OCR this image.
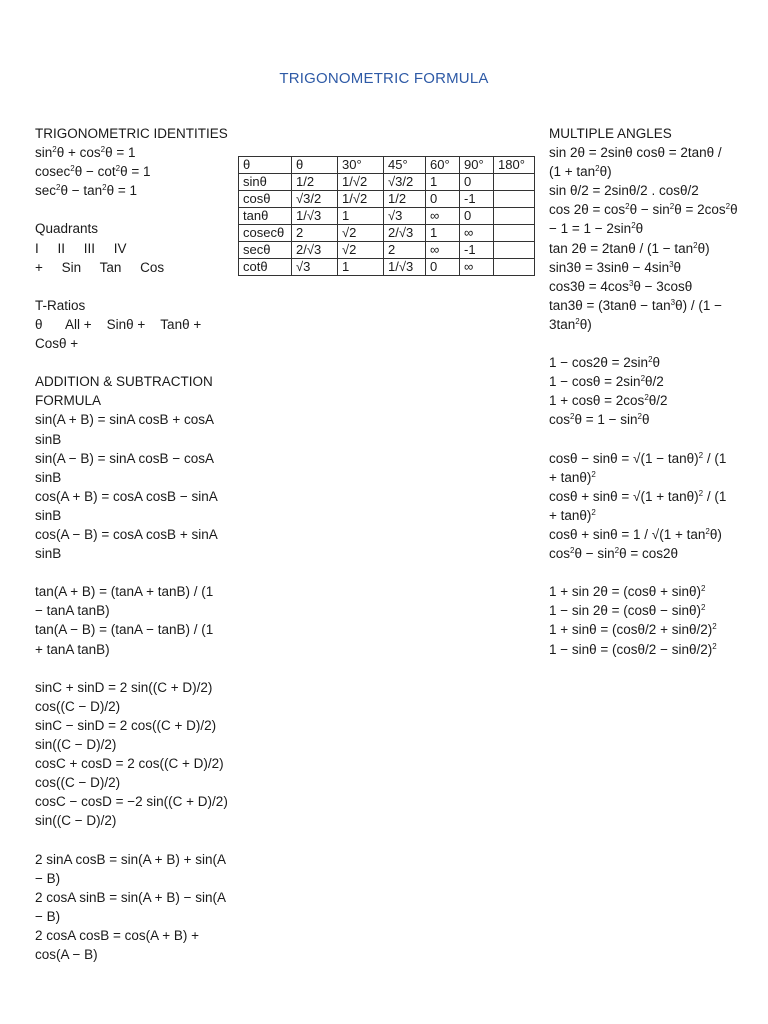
TRIGONOMETRIC FORMULA
TRIGONOMETRIC IDENTITIES
$\sin^2\theta + \cos^2\theta = 1$
$cosec^2\theta - \cot^2\theta = 1$
$\sec^2\theta - \tan^2\theta = 1$
Quadrants
I     II     III     IV
+     Sin     Tan     Cos
T-Ratios
θ      All +    Sinθ +    Tanθ +
Cosθ +
ADDITION & SUBTRACTION
FORMULA
sin(A + B) = sinA cosB + cosA
sinB
sin(A − B) = sinA cosB − cosA
sinB
cos(A + B) = cosA cosB − sinA
sinB
cos(A − B) = cosA cosB + sinA
sinB
tan(A + B) = (tanA + tanB) / (1
− tanA tanB)
tan(A − B) = (tanA − tanB) / (1
+ tanA tanB)
sinC + sinD = 2 sin((C + D)/2)
cos((C − D)/2)
sinC − sinD = 2 cos((C + D)/2)
sin((C − D)/2)
cosC + cosD = 2 cos((C + D)/2)
cos((C − D)/2)
cosC − cosD = −2 sin((C + D)/2)
sin((C − D)/2)
2 sinA cosB = sin(A + B) + sin(A
− B)
2 cosA sinB = sin(A + B) − sin(A
− B)
2 cosA cosB = cos(A + B) +
cos(A − B)
θ	θ	30°	45°	60°	90°	180°
sinθ	1/2	1/√2	√3/2	1	0	
cosθ	√3/2	1/√2	1/2	0	-1	
tanθ	1/√3	1	√3	∞	0	
cosecθ	2	√2	2/√3	1	∞	
secθ	2/√3	√2	2	∞	-1	
cotθ	√3	1	1/√3	0	∞	
MULTIPLE ANGLES
sin 2θ = 2sinθ cosθ = 2tanθ /
$(1 + \tan^2\theta)$
sin θ/2 = 2sinθ/2 . cosθ/2
$\cos 2\theta = \cos^2\theta - \sin^2\theta = 2\cos^2\theta$
− $1 = 1 - 2\sin^2\theta$
$\tan 2\theta = 2\tan\theta / (1 - \tan^2\theta)$
$\sin 3\theta = 3\sin\theta - 4\sin^3\theta$
$\cos 3\theta = 4\cos^3\theta - 3\cos\theta$
$\tan 3\theta = (3\tan\theta - \tan^3\theta) / (1$ −
$3\tan^2\theta$)
$1 - \cos 2\theta = 2\sin^2\theta$
$1 - \cos\theta = 2\sin^2\theta/2$
$1 + \cos\theta = 2\cos^2\theta/2$
$\cos^2\theta = 1 - \sin^2\theta$
$\cos\theta - \sin\theta = √(1 - \tan\theta)^2 / (1$
+ tanθ)$^2$
$\cos\theta + \sin\theta = √(1 + \tan\theta)^2 / (1$
+ tanθ)$^2$
$\cos\theta + \sin\theta = 1 / √(1 + \tan^2\theta)$
$\cos^2\theta - \sin^2\theta = \cos 2\theta$
$1 + \sin 2\theta = (\cos\theta + \sin\theta)^2$
$1 - \sin 2\theta = (\cos\theta - \sin\theta)^2$
1 + sinθ = (cosθ/2 + sinθ/$2)^2$
1 − sinθ = (cosθ/2 − sinθ/$2)^2$
